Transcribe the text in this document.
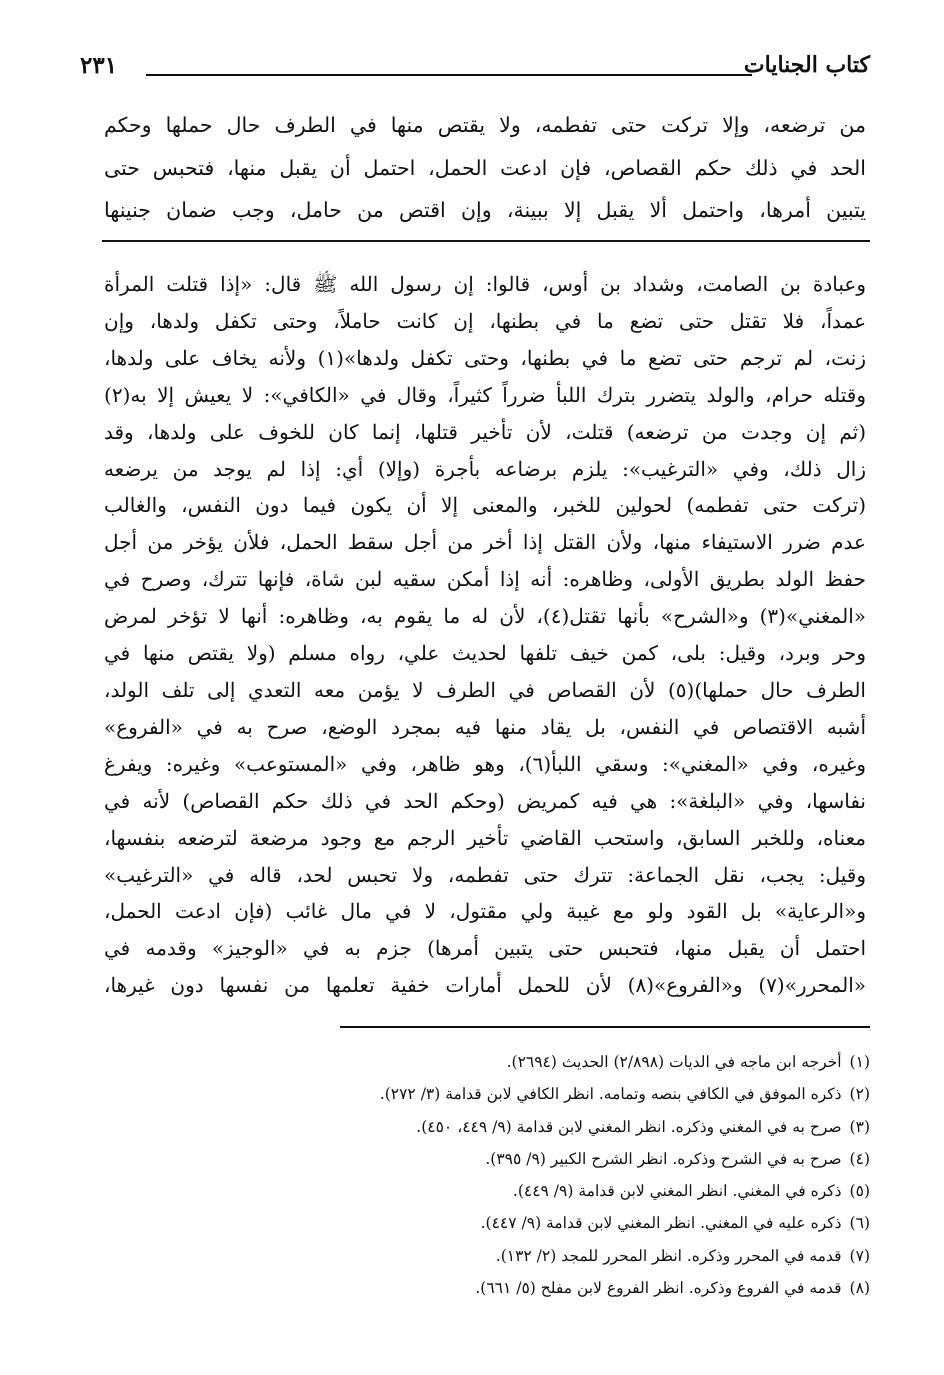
كتاب الجنايات
٢٣١
من ترضعه، وإلا تركت حتى تفطمه، ولا يقتص منها في الطرف حال حملها وحكم
الحد في ذلك حكم القصاص، فإن ادعت الحمل، احتمل أن يقبل منها، فتحبس حتى
يتبين أمرها، واحتمل ألا يقبل إلا ببينة، وإن اقتص من حامل، وجب ضمان جنينها
وعبادة بن الصامت، وشداد بن أوس، قالوا: إن رسول الله ﷺ قال: «إذا قتلت المرأة
عمداً، فلا تقتل حتى تضع ما في بطنها، إن كانت حاملاً، وحتى تكفل ولدها، وإن
زنت، لم ترجم حتى تضع ما في بطنها، وحتى تكفل ولدها»(١) ولأنه يخاف على ولدها،
وقتله حرام، والولد يتضرر بترك اللبأ ضرراً كثيراً، وقال في «الكافي»: لا يعيش إلا به(٢)
(ثم إن وجدت من ترضعه) قتلت، لأن تأخير قتلها، إنما كان للخوف على ولدها، وقد
زال ذلك، وفي «الترغيب»: يلزم برضاعه بأجرة (وإلا) أي: إذا لم يوجد من يرضعه
(تركت حتى تفطمه) لحولين للخبر، والمعنى إلا أن يكون فيما دون النفس، والغالب
عدم ضرر الاستيفاء منها، ولأن القتل إذا أخر من أجل سقط الحمل، فلأن يؤخر من أجل
حفظ الولد بطريق الأولى، وظاهره: أنه إذا أمكن سقيه لبن شاة، فإنها تترك، وصرح في
«المغني»(٣) و«الشرح» بأنها تقتل(٤)، لأن له ما يقوم به، وظاهره: أنها لا تؤخر لمرض
وحر وبرد، وقيل: بلى، كمن خيف تلفها لحديث علي، رواه مسلم (ولا يقتص منها في
الطرف حال حملها)(٥) لأن القصاص في الطرف لا يؤمن معه التعدي إلى تلف الولد،
أشبه الاقتصاص في النفس، بل يقاد منها فيه بمجرد الوضع، صرح به في «الفروع»
وغيره، وفي «المغني»: وسقي اللبأ(٦)، وهو ظاهر، وفي «المستوعب» وغيره: ويفرغ
نفاسها، وفي «البلغة»: هي فيه كمريض (وحكم الحد في ذلك حكم القصاص) لأنه في
معناه، وللخبر السابق، واستحب القاضي تأخير الرجم مع وجود مرضعة لترضعه بنفسها،
وقيل: يجب، نقل الجماعة: تترك حتى تفطمه، ولا تحبس لحد، قاله في «الترغيب»
و«الرعاية» بل القود ولو مع غيبة ولي مقتول، لا في مال غائب (فإن ادعت الحمل،
احتمل أن يقبل منها، فتحبس حتى يتبين أمرها) جزم به في «الوجيز» وقدمه في
«المحرر»(٧) و«الفروع»(٨) لأن للحمل أمارات خفية تعلمها من نفسها دون غيرها،
(١)أخرجه ابن ماجه في الديات (٢/٨٩٨) الحديث (٢٦٩٤).
(٢)ذكره الموفق في الكافي بنصه وتمامه. انظر الكافي لابن قدامة (٣/ ٢٧٢).
(٣)صرح به في المغني وذكره. انظر المغني لابن قدامة (٩/ ٤٤٩، ٤٥٠).
(٤)صرح به في الشرح وذكره. انظر الشرح الكبير (٩/ ٣٩٥).
(٥)ذكره في المغني. انظر المغني لابن قدامة (٩/ ٤٤٩).
(٦)ذكره عليه في المغني. انظر المغني لابن قدامة (٩/ ٤٤٧).
(٧)قدمه في المحرر وذكره. انظر المحرر للمجد (٢/ ١٣٢).
(٨)قدمه في الفروع وذكره. انظر الفروع لابن مفلح (٥/ ٦٦١).
